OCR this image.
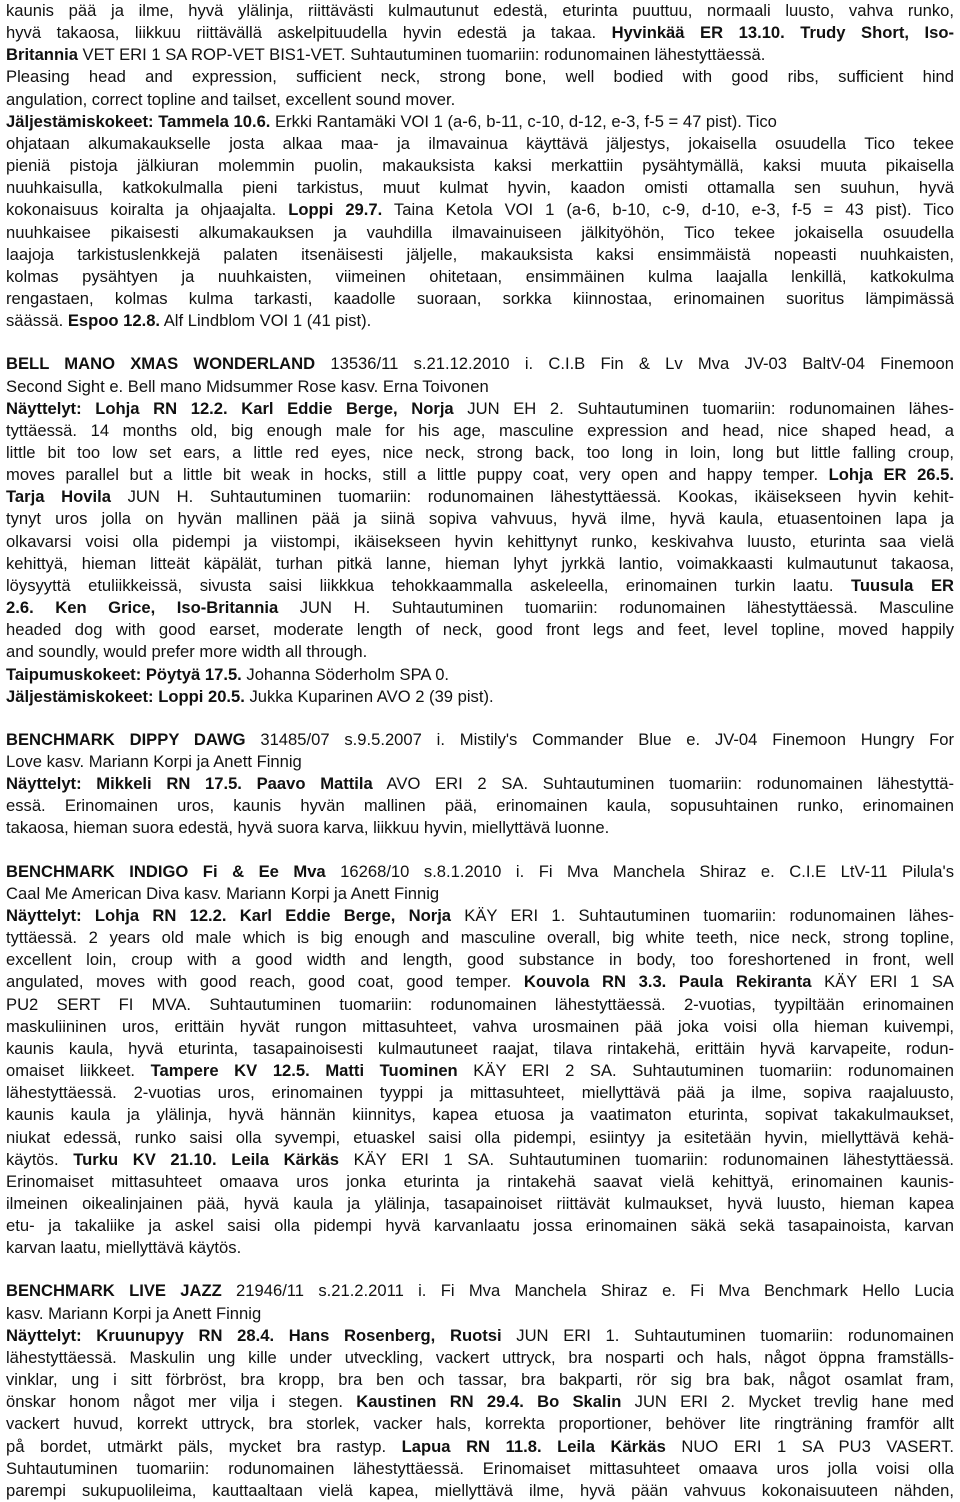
kaunis pää ja ilme, hyvä ylälinja, riittävästi kulmautunut edestä, eturinta puuttuu, normaali luusto, vahva runko,
hyvä takaosa, liikkuu riittävällä askelpituudella hyvin edestä ja takaa. Hyvinkää ER 13.10. Trudy Short, Iso-
Britannia VET ERI 1 SA ROP-VET BIS1-VET. Suhtautuminen tuomariin: rodunomainen lähestyttäessä.
Pleasing head and expression, sufficient neck, strong bone, well bodied with good ribs, sufficient hind
angulation, correct topline and tailset, excellent sound mover.
Jäljestämiskokeet: Tammela 10.6. Erkki Rantamäki VOI 1 (a-6, b-11, c-10, d-12, e-3, f-5 = 47 pist). Tico
ohjataan alkumakaukselle josta alkaa maa- ja ilmavainua käyttävä jäljestys, jokaisella osuudella Tico tekee
pieniä pistoja jälkiuran molemmin puolin, makauksista kaksi merkattiin pysähtymällä, kaksi muuta pikaisella
nuuhkaisulla, katkokulmalla pieni tarkistus, muut kulmat hyvin, kaadon omisti ottamalla sen suuhun, hyvä
kokonaisuus koiralta ja ohjaajalta. Loppi 29.7. Taina Ketola VOI 1 (a-6, b-10, c-9, d-10, e-3, f-5 = 43 pist). Tico
nuuhkaisee pikaisesti alkumakauksen ja vauhdilla ilmavainuiseen jälkityöhön, Tico tekee jokaisella osuudella
laajoja tarkistuslenkkejä palaten itsenäisesti jäljelle, makauksista kaksi ensimmäistä nopeasti nuuhkaisten,
kolmas pysähtyen ja nuuhkaisten, viimeinen ohitetaan, ensimmäinen kulma laajalla lenkillä, katkokulma
rengastaen, kolmas kulma tarkasti, kaadolle suoraan, sorkka kiinnostaa, erinomainen suoritus lämpimässä
säässä. Espoo 12.8. Alf Lindblom VOI 1 (41 pist).
BELL MANO XMAS WONDERLAND 13536/11 s.21.12.2010 i. C.I.B Fin & Lv Mva JV-03 BaltV-04 Finemoon
Second Sight e. Bell mano Midsummer Rose kasv. Erna Toivonen
Näyttelyt: Lohja RN 12.2. Karl Eddie Berge, Norja JUN EH 2. Suhtautuminen tuomariin: rodunomainen lähes-
tyttäessä. 14 months old, big enough male for his age, masculine expression and head, nice shaped head, a
little bit too low set ears, a little red eyes, nice neck, strong back, too long in loin, long but little falling croup,
moves parallel but a little bit weak in hocks, still a little puppy coat, very open and happy temper. Lohja ER 26.5.
Tarja Hovila JUN H. Suhtautuminen tuomariin: rodunomainen lähestyttäessä. Kookas, ikäisekseen hyvin kehit-
tynyt uros jolla on hyvän mallinen pää ja siinä sopiva vahvuus, hyvä ilme, hyvä kaula, etuasentoinen lapa ja
olkavarsi voisi olla pidempi ja viistompi, ikäisekseen hyvin kehittynyt runko, keskivahva luusto, eturinta saa vielä
kehittyä, hieman litteät käpälät, turhan pitkä lanne, hieman lyhyt jyrkkä lantio, voimakkaasti kulmautunut takaosa,
löysyyttä etuliikkeissä, sivusta saisi liikkkua tehokkaammalla askeleella, erinomainen turkin laatu. Tuusula ER
2.6. Ken Grice, Iso-Britannia JUN H. Suhtautuminen tuomariin: rodunomainen lähestyttäessä. Masculine
headed dog with good earset, moderate length of neck, good front legs and feet, level topline, moved happily
and soundly, would prefer more width all through.
Taipumuskokeet: Pöytyä 17.5. Johanna Söderholm SPA 0.
Jäljestämiskokeet: Loppi 20.5. Jukka Kuparinen AVO 2 (39 pist).
BENCHMARK DIPPY DAWG 31485/07 s.9.5.2007 i. Mistily's Commander Blue e. JV-04 Finemoon Hungry For
Love kasv. Mariann Korpi ja Anett Finnig
Näyttelyt: Mikkeli RN 17.5. Paavo Mattila AVO ERI 2 SA. Suhtautuminen tuomariin: rodunomainen lähestyttä-
essä. Erinomainen uros, kaunis hyvän mallinen pää, erinomainen kaula, sopusuhtainen runko, erinomainen
takaosa, hieman suora edestä, hyvä suora karva, liikkuu hyvin, miellyttävä luonne.
BENCHMARK INDIGO Fi & Ee Mva 16268/10 s.8.1.2010 i. Fi Mva Manchela Shiraz e. C.I.E LtV-11 Pilula's
Caal Me American Diva kasv. Mariann Korpi ja Anett Finnig
Näyttelyt: Lohja RN 12.2. Karl Eddie Berge, Norja KÄY ERI 1. Suhtautuminen tuomariin: rodunomainen lähes-
tyttäessä. 2 years old male which is big enough and masculine overall, big white teeth, nice neck, strong topline,
excellent loin, croup with a good width and length, good substance in body, too foreshortened in front, well
angulated, moves with good reach, good coat, good temper. Kouvola RN 3.3. Paula Rekiranta KÄY ERI 1 SA
PU2 SERT FI MVA. Suhtautuminen tuomariin: rodunomainen lähestyttäessä. 2-vuotias, tyypiltään erinomainen
maskuliininen uros, erittäin hyvät rungon mittasuhteet, vahva urosmainen pää joka voisi olla hieman kuivempi,
kaunis kaula, hyvä eturinta, tasapainoisesti kulmautuneet raajat, tilava rintakehä, erittäin hyvä karvapeite, rodun-
omaiset liikkeet. Tampere KV 12.5. Matti Tuominen KÄY ERI 2 SA. Suhtautuminen tuomariin: rodunomainen
lähestyttäessä. 2-vuotias uros, erinomainen tyyppi ja mittasuhteet, miellyttävä pää ja ilme, sopiva raajaluusto,
kaunis kaula ja ylälinja, hyvä hännän kiinnitys, kapea etuosa ja vaatimaton eturinta, sopivat takakulmaukset,
niukat edessä, runko saisi olla syvempi, etuaskel saisi olla pidempi, esiintyy ja esitetään hyvin, miellyttävä kehä-
käytös. Turku KV 21.10. Leila Kärkäs KÄY ERI 1 SA. Suhtautuminen tuomariin: rodunomainen lähestyttäessä.
Erinomaiset mittasuhteet omaava uros jonka eturinta ja rintakehä saavat vielä kehittyä, erinomainen kaunis-
ilmeinen oikealinjainen pää, hyvä kaula ja ylälinja, tasapainoiset riittävät kulmaukset, hyvä luusto, hieman kapea
etu- ja takaliike ja askel saisi olla pidempi hyvä karvanlaatu jossa erinomainen säkä sekä tasapainoista, karvan
karvan laatu, miellyttävä käytös.
BENCHMARK LIVE JAZZ 21946/11 s.21.2.2011 i. Fi Mva Manchela Shiraz e. Fi Mva Benchmark Hello Lucia
kasv. Mariann Korpi ja Anett Finnig
Näyttelyt: Kruunupyy RN 28.4. Hans Rosenberg, Ruotsi JUN ERI 1. Suhtautuminen tuomariin: rodunomainen
lähestyttäessä. Maskulin ung kille under utveckling, vackert uttryck, bra nosparti och hals, något öppna framställs-
vinklar, ung i sitt förbröst, bra kropp, bra ben och tassar, bra bakparti, rör sig bra bak, något osamlat fram,
önskar honom något mer vilja i stegen. Kaustinen RN 29.4. Bo Skalin JUN ERI 2. Mycket trevlig hane med
vackert huvud, korrekt uttryck, bra storlek, vacker hals, korrekta proportioner, behöver lite ringträning framför allt
på bordet, utmärkt päls, mycket bra rastyp. Lapua RN 11.8. Leila Kärkäs NUO ERI 1 SA PU3 VASERT.
Suhtautuminen tuomariin: rodunomainen lähestyttäessä. Erinomaiset mittasuhteet omaava uros jolla voisi olla
parempi sukupuolileima, kauttaaltaan vielä kapea, miellyttävä ilme, hyvä pään vahvuus kokonaisuuteen nähden,
